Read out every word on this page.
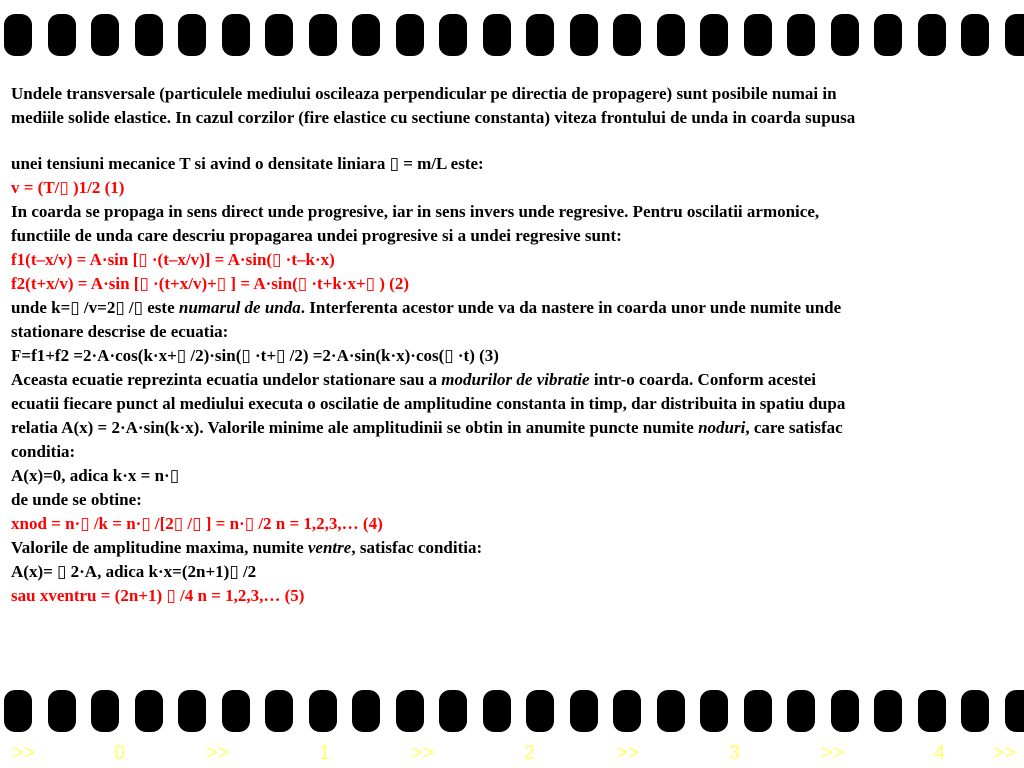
Undele transversale (particulele mediului oscileaza perpendicular pe directia de propagere) sunt posibile numai in

mediile solide elastice. In cazul corzilor (fire elastice cu sectiune constanta) viteza frontului de unda in coarda supusa

unei tensiuni mecanice T si avind o densitate liniara ▯ = m/L este:

v = (T/▯ )1/2 (1)

In coarda se propaga in sens direct unde progresive, iar in sens invers unde regresive. Pentru oscilatii armonice,

functiile de unda care descriu propagarea undei progresive si a undei regresive sunt:

f1(t–x/v) = A·sin [▯ ·(t–x/v)] = A·sin(▯ ·t–k·x)

f2(t+x/v) = A·sin [▯ ·(t+x/v)+▯ ] = A·sin(▯ ·t+k·x+▯ ) (2)

unde k=▯ /v=2▯ /▯ este numarul de unda. Interferenta acestor unde va da nastere in coarda unor unde numite unde

stationare descrise de ecuatia:

F=f1+f2 =2·A·cos(k·x+▯ /2)·sin(▯ ·t+▯ /2) =2·A·sin(k·x)·cos(▯ ·t) (3)

Aceasta ecuatie reprezinta ecuatia undelor stationare sau a modurilor de vibratie intr-o coarda. Conform acestei

ecuatii fiecare punct al mediului executa o oscilatie de amplitudine constanta in timp, dar distribuita in spatiu dupa

relatia A(x) = 2·A·sin(k·x). Valorile minime ale amplitudinii se obtin in anumite puncte numite noduri, care satisfac

conditia:

A(x)=0, adica k·x = n·▯

de unde se obtine:

xnod = n·▯ /k = n·▯ /[2▯ /▯ ] = n·▯ /2 n = 1,2,3,… (4)

Valorile de amplitudine maxima, numite ventre, satisfac conditia:

A(x)= ▯ 2·A, adica k·x=(2n+1)▯ /2

sau xventru = (2n+1) ▯ /4 n = 1,2,3,… (5)

>>	0	>>	1	>>	2	>>	3	>>	4 >>
